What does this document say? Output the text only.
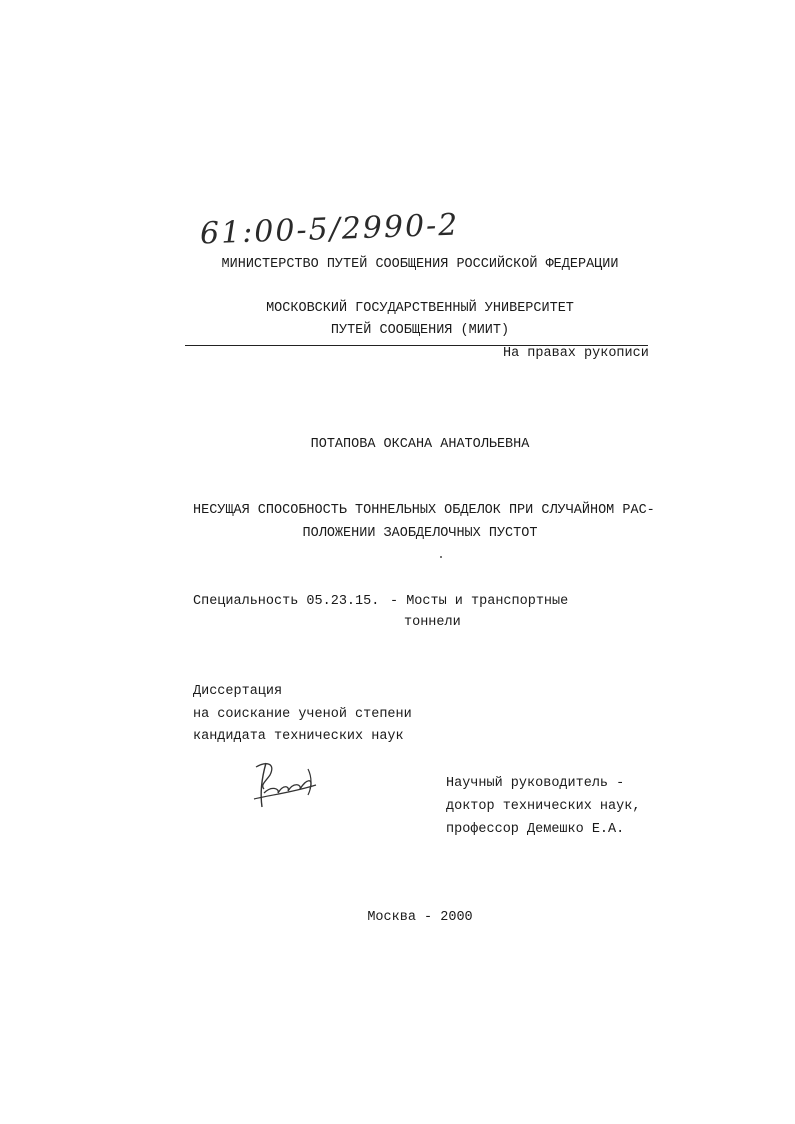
61:00-5/2990-2
МИНИСТЕРСТВО ПУТЕЙ СООБЩЕНИЯ РОССИЙСКОЙ ФЕДЕРАЦИИ
МОСКОВСКИЙ ГОСУДАРСТВЕННЫЙ УНИВЕРСИТЕТ
ПУТЕЙ СООБЩЕНИЯ (МИИТ)
На правах рукописи
ПОТАПОВА ОКСАНА АНАТОЛЬЕВНА
НЕСУЩАЯ СПОСОБНОСТЬ ТОННЕЛЬНЫХ ОБДЕЛОК ПРИ СЛУЧАЙНОМ РАС-
ПОЛОЖЕНИИ ЗАОБДЕЛОЧНЫХ ПУСТОТ
Специальность 05.23.15. - Мосты и транспортные
тоннели
Диссертация
на соискание ученой степени
кандидата технических наук
Научный руководитель -
доктор технических наук,
профессор Демешко Е.А.
Москва - 2000
